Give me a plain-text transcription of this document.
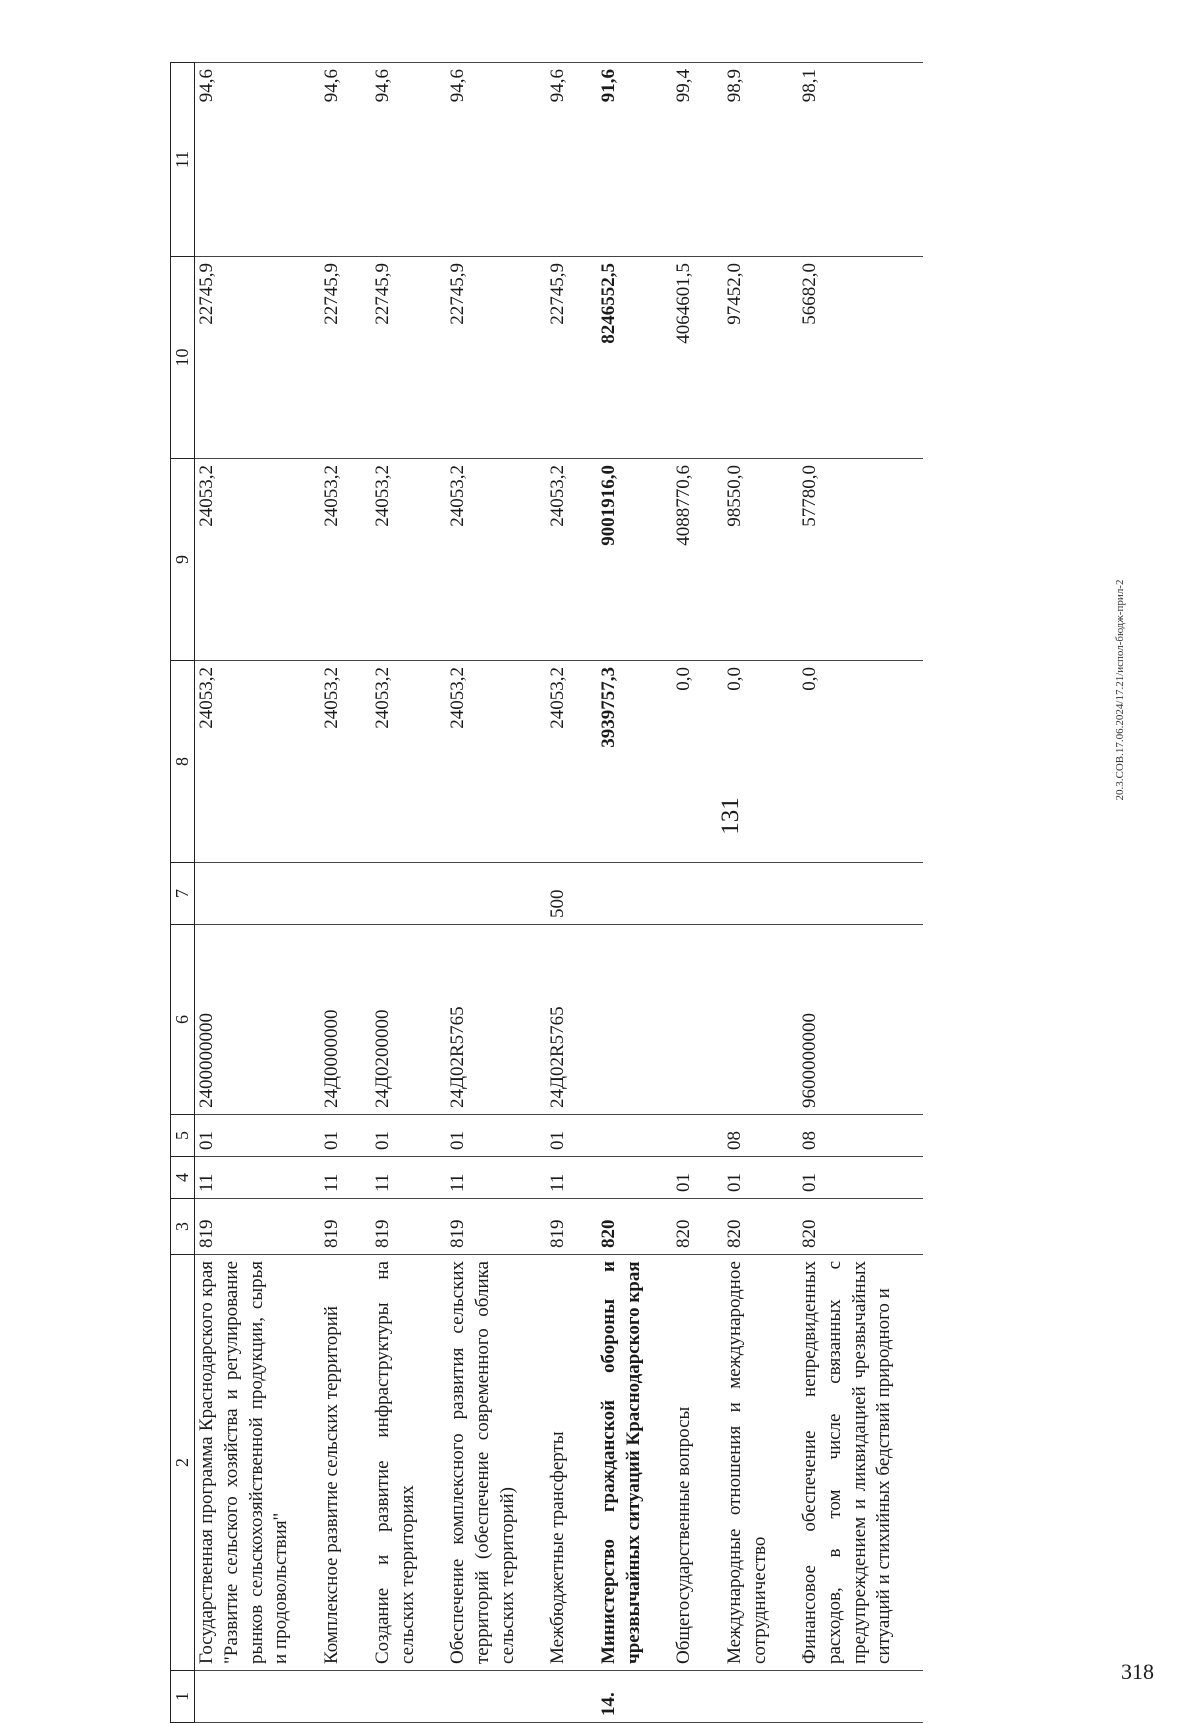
318
131
20.3.СОВ.17.06.2024/17.21/испол-бюдж-прил-2
1	2	3	4	5	6	7	8	9	10	11
	Государственная программа Краснодарского края "Развитие сельского хозяйства и регулирование рынков сельскохозяйственной продукции, сырья и продовольствия"	819	11	01	2400000000		24053,2	24053,2	22745,9	94,6
	Комплексное развитие сельских территорий	819	11	01	24Д0000000		24053,2	24053,2	22745,9	94,6
	Создание и развитие инфраструктуры на сельских территориях	819	11	01	24Д0200000		24053,2	24053,2	22745,9	94,6
	Обеспечение комплексного развития сельских территорий (обеспечение современного облика сельских территорий)	819	11	01	24Д02R5765		24053,2	24053,2	22745,9	94,6
	Межбюджетные трансферты	819	11	01	24Д02R5765	500	24053,2	24053,2	22745,9	94,6
14.	Министерство гражданской обороны и чрезвычайных ситуаций Краснодарского края	820					3939757,3	9001916,0	8246552,5	91,6
	Общегосударственные вопросы	820	01				0,0	4088770,6	4064601,5	99,4
	Международные отношения и международное сотрудничество	820	01	08			0,0	98550,0	97452,0	98,9
	Финансовое обеспечение непредвиденных расходов, в том числе связанных с предупреждением и ликвидацией чрезвычайных ситуаций и стихийных бедствий природного и	820	01	08	9600000000		0,0	57780,0	56682,0	98,1
